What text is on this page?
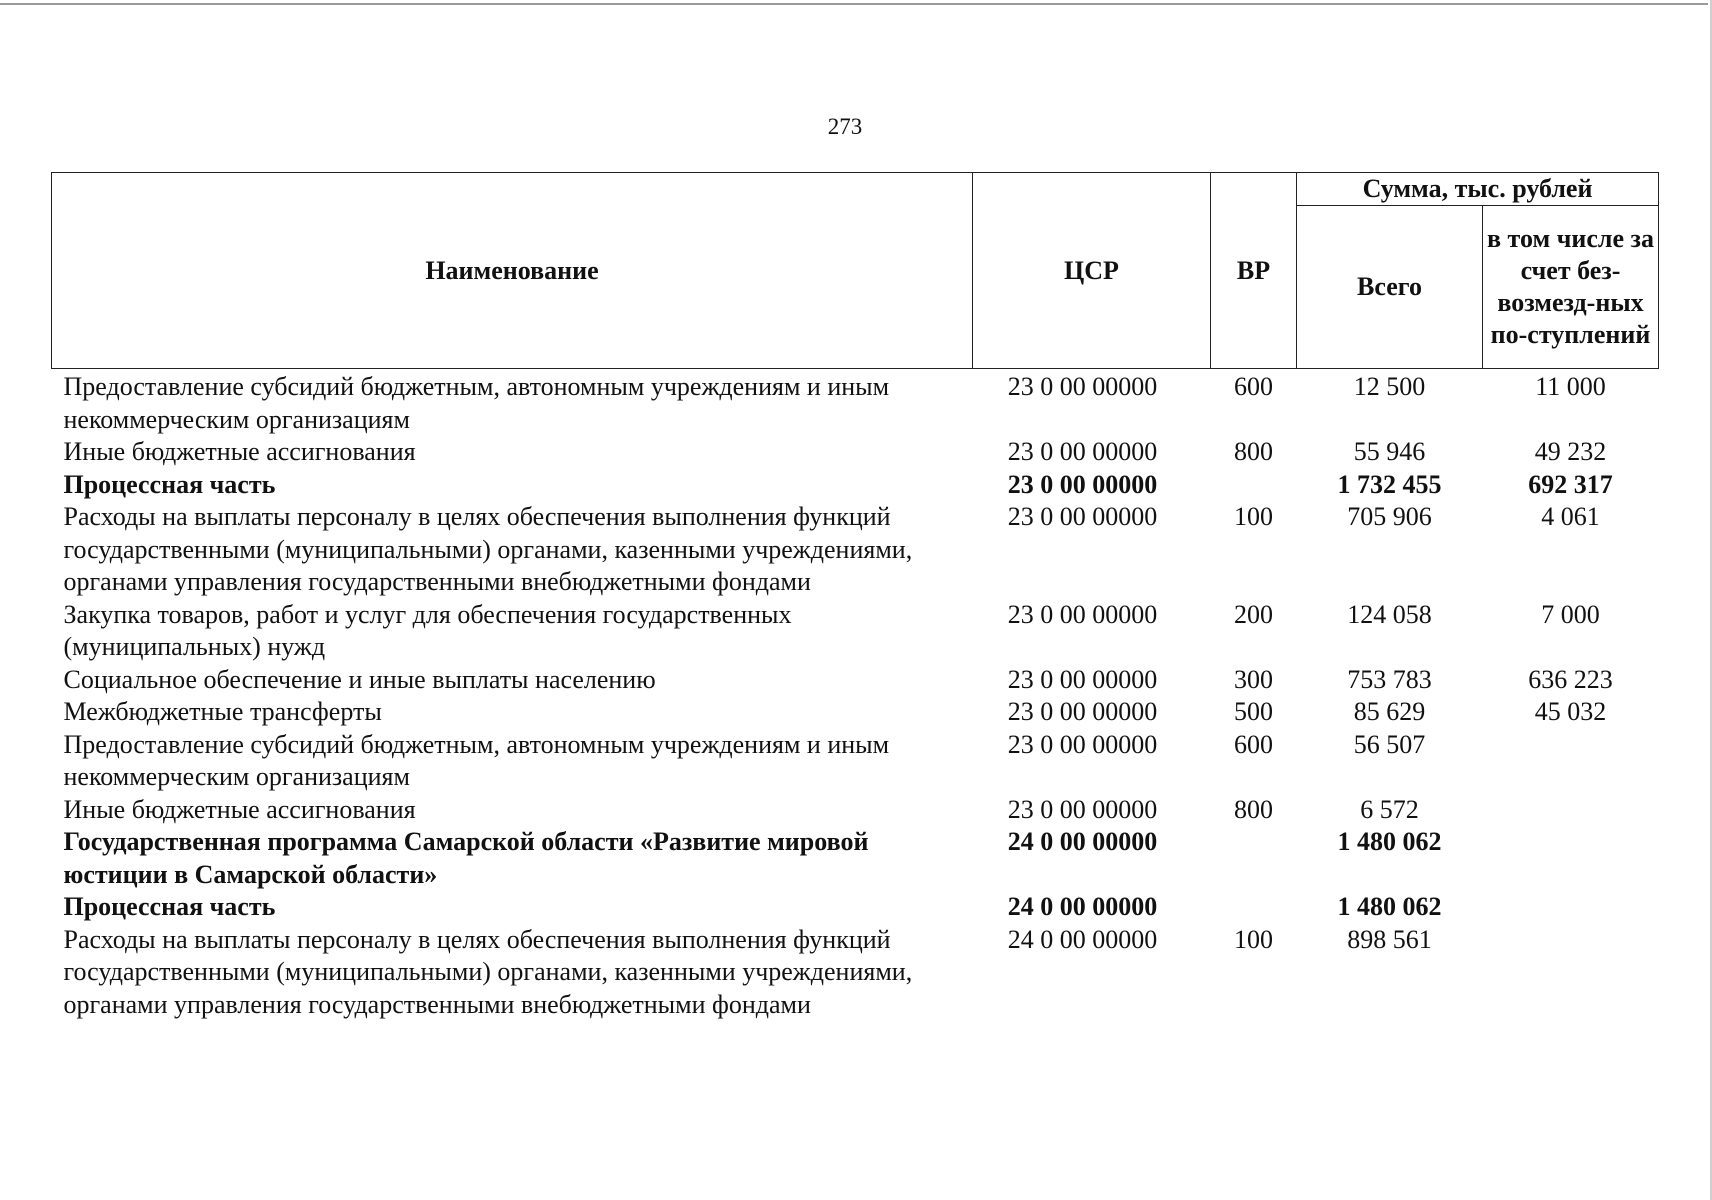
273
Наименование	ЦСР	ВР	Сумма, тыс. рублей	
			Всего	в том числе за счет без-возмезд-ных по-ступлений
Предоставление субсидий бюджетным, автономным учреждениям и иным некоммерческим организациям	23 0 00 00000	600	12 500	11 000
Иные бюджетные ассигнования	23 0 00 00000	800	55 946	49 232
Процессная часть	23 0 00 00000		1 732 455	692 317
Расходы на выплаты персоналу в целях обеспечения выполнения функций государственными (муниципальными) органами, казенными учреждениями, органами управления государственными внебюджетными фондами	23 0 00 00000	100	705 906	4 061
Закупка товаров, работ и услуг для обеспечения государственных (муниципальных) нужд	23 0 00 00000	200	124 058	7 000
Социальное обеспечение и иные выплаты населению	23 0 00 00000	300	753 783	636 223
Межбюджетные трансферты	23 0 00 00000	500	85 629	45 032
Предоставление субсидий бюджетным, автономным учреждениям и иным некоммерческим организациям	23 0 00 00000	600	56 507	
Иные бюджетные ассигнования	23 0 00 00000	800	6 572	
Государственная программа Самарской области «Развитие мировой юстиции в Самарской области»	24 0 00 00000		1 480 062	
Процессная часть	24 0 00 00000		1 480 062	
Расходы на выплаты персоналу в целях обеспечения выполнения функций государственными (муниципальными) органами, казенными учреждениями, органами управления государственными внебюджетными фондами	24 0 00 00000	100	898 561	
